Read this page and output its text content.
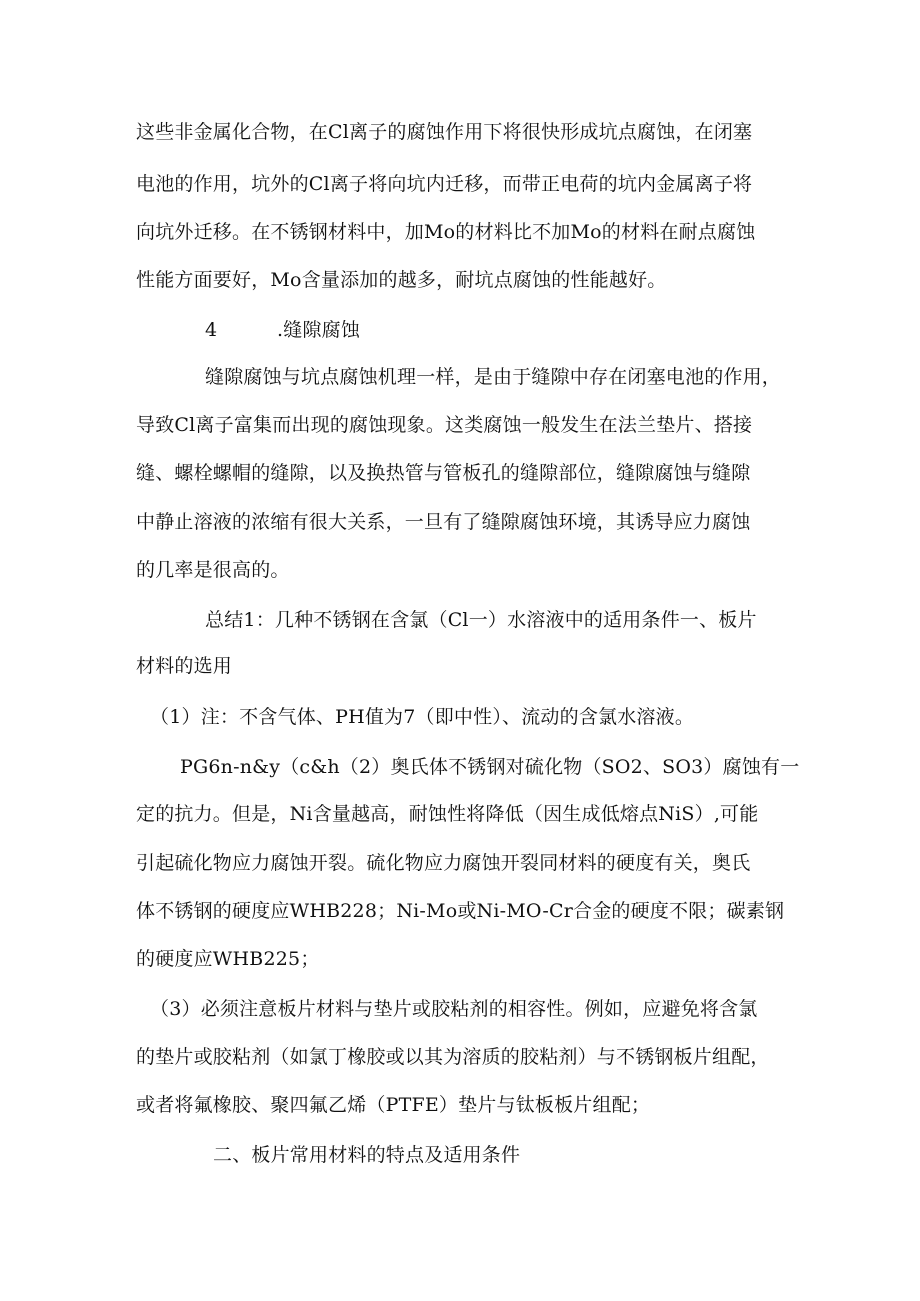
这些非金属化合物，在Cl离子的腐蚀作用下将很快形成坑点腐蚀，在闭塞
电池的作用，坑外的Cl离子将向坑内迁移，而带正电荷的坑内金属离子将
向坑外迁移。在不锈钢材料中，加Mo的材料比不加Mo的材料在耐点腐蚀
性能方面要好，Mo含量添加的越多，耐坑点腐蚀的性能越好。
4	.缝隙腐蚀
缝隙腐蚀与坑点腐蚀机理一样，是由于缝隙中存在闭塞电池的作用，
导致Cl离子富集而出现的腐蚀现象。这类腐蚀一般发生在法兰垫片、搭接
缝、螺栓螺帽的缝隙，以及换热管与管板孔的缝隙部位，缝隙腐蚀与缝隙
中静止溶液的浓缩有很大关系，一旦有了缝隙腐蚀环境，其诱导应力腐蚀
的几率是很高的。
总结1：几种不锈钢在含氯（Cl一）水溶液中的适用条件一、板片
材料的选用
（1）注：不含气体、PH值为7（即中性）、流动的含氯水溶液。
PG6n-n&y（c&h（2）奥氏体不锈钢对硫化物（SO2、SO3）腐蚀有一
定的抗力。但是，Ni含量越高，耐蚀性将降低（因生成低熔点NiS）,可能
引起硫化物应力腐蚀开裂。硫化物应力腐蚀开裂同材料的硬度有关，奥氏
体不锈钢的硬度应WHB228；Ni-Mo或Ni-MO-Cr合金的硬度不限；碳素钢
的硬度应WHB225；
（3）必须注意板片材料与垫片或胶粘剂的相容性。例如，应避免将含氯
的垫片或胶粘剂（如氯丁橡胶或以其为溶质的胶粘剂）与不锈钢板片组配，
或者将氟橡胶、聚四氟乙烯（PTFE）垫片与钛板板片组配；
二、板片常用材料的特点及适用条件
